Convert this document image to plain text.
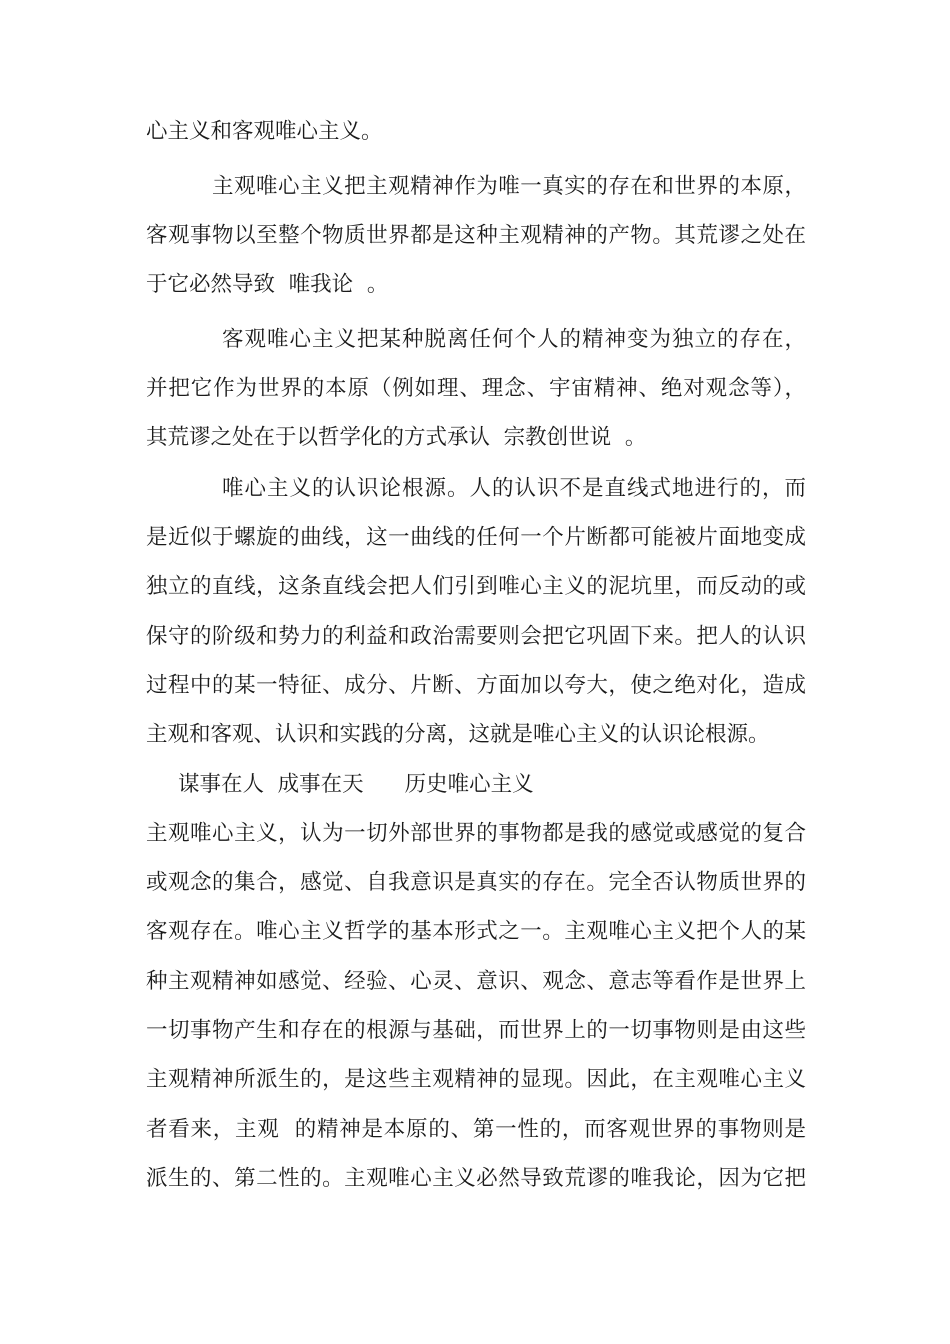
心主义和客观唯心主义。
主观唯心主义把主观精神作为唯一真实的存在和世界的本原，
客观事物以至整个物质世界都是这种主观精神的产物。其荒谬之处在
于它必然导致  唯我论  。
客观唯心主义把某种脱离任何个人的精神变为独立的存在，
并把它作为世界的本原（例如理、理念、宇宙精神、绝对观念等），
其荒谬之处在于以哲学化的方式承认  宗教创世说  。
唯心主义的认识论根源。人的认识不是直线式地进行的，而
是近似于螺旋的曲线，这一曲线的任何一个片断都可能被片面地变成
独立的直线，这条直线会把人们引到唯心主义的泥坑里，而反动的或
保守的阶级和势力的利益和政治需要则会把它巩固下来。把人的认识
过程中的某一特征、成分、片断、方面加以夸大，使之绝对化，造成
主观和客观、认识和实践的分离，这就是唯心主义的认识论根源。
谋事在人  成事在天      历史唯心主义
主观唯心主义，认为一切外部世界的事物都是我的感觉或感觉的复合
或观念的集合，感觉、自我意识是真实的存在。完全否认物质世界的
客观存在。唯心主义哲学的基本形式之一。主观唯心主义把个人的某
种主观精神如感觉、经验、心灵、意识、观念、意志等看作是世界上
一切事物产生和存在的根源与基础，而世界上的一切事物则是由这些
主观精神所派生的，是这些主观精神的显现。因此，在主观唯心主义
者看来，主观  的精神是本原的、第一性的，而客观世界的事物则是
派生的、第二性的。主观唯心主义必然导致荒谬的唯我论，因为它把
